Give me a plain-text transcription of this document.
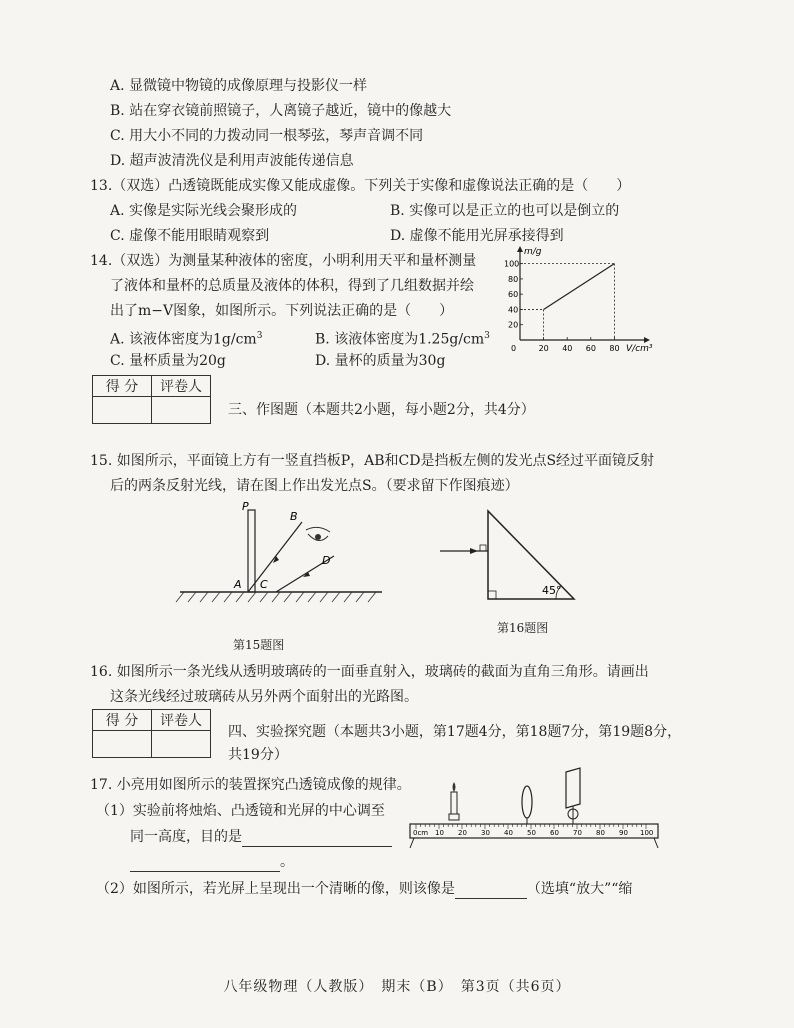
A. 显微镜中物镜的成像原理与投影仪一样
B. 站在穿衣镜前照镜子，人离镜子越近，镜中的像越大
C. 用大小不同的力拨动同一根琴弦，琴声音调不同
D. 超声波清洗仪是利用声波能传递信息
13.（双选）凸透镜既能成实像又能成虚像。下列关于实像和虚像说法正确的是（　　）
A. 实像是实际光线会聚形成的	B. 实像可以是正立的也可以是倒立的
C. 虚像不能用眼睛观察到	D. 虚像不能用光屏承接得到
14.（双选）为测量某种液体的密度，小明利用天平和量杯测量
了液体和量杯的总质量及液体的体积，得到了几组数据并绘
出了m−V图象，如图所示。下列说法正确的是（　　）
A. 该液体密度为$1g/cm^3$	B. 该液体密度为$1.25g/cm^3$
C. 量杯质量为20g	D. 量杯的质量为30g
0	20 40 60 80
20
40
60
80
100
m/g
V/cm³
得 分	评卷人

三、作图题（本题共2小题，每小题2分，共4分）
15. 如图所示，平面镜上方有一竖直挡板P，AB和CD是挡板左侧的发光点S经过平面镜反射
后的两条反射光线，请在图上作出发光点S。（要求留下作图痕迹）
P
A
B
C
D
第15题图
45°
第16题图
16. 如图所示一条光线从透明玻璃砖的一面垂直射入，玻璃砖的截面为直角三角形。请画出
这条光线经过玻璃砖从另外两个面射出的光路图。
得 分	评卷人

四、实验探究题（本题共3小题，第17题4分，第18题7分，第19题8分，
共19分）
17. 小亮用如图所示的装置探究凸透镜成像的规律。
（1）实验前将烛焰、凸透镜和光屏的中心调至
同一高度，目的是
。
（2）如图所示，若光屏上呈现出一个清晰的像，则该像是	（选填“放大”“缩
0cm 10 20 30 40 50 60 70 80 90 100
八年级物理（人教版）　期末（B）　第3页（共6页）
